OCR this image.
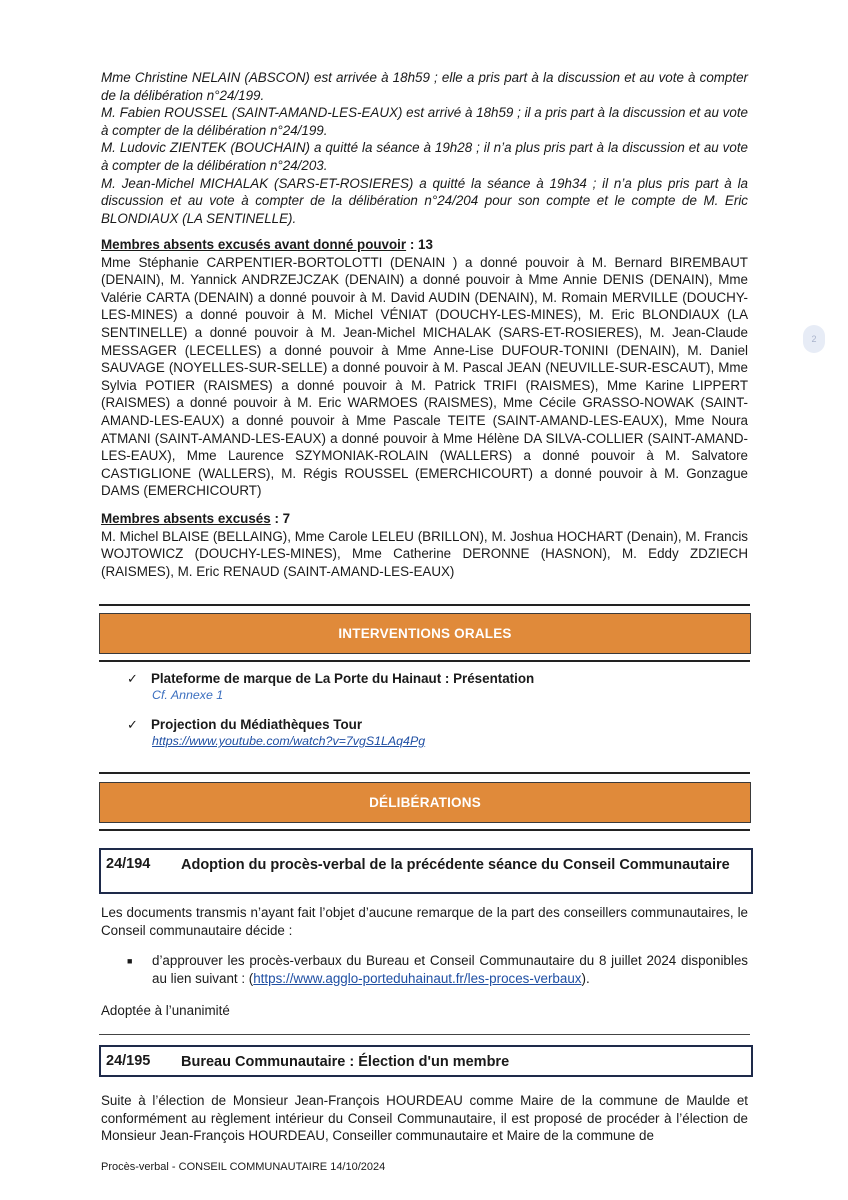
Mme Christine NELAIN (ABSCON) est arrivée à 18h59 ; elle a pris part à la discussion et au vote à compter de la délibération n°24/199.

M. Fabien ROUSSEL (SAINT-AMAND-LES-EAUX) est arrivé à 18h59 ; il a pris part à la discussion et au vote à compter de la délibération n°24/199.

M. Ludovic ZIENTEK (BOUCHAIN) a quitté la séance à 19h28 ; il n’a plus pris part à la discussion et au vote à compter de la délibération n°24/203.

M. Jean-Michel MICHALAK (SARS-ET-ROSIERES) a quitté la séance à 19h34 ; il n’a plus pris part à la discussion et au vote à compter de la délibération n°24/204 pour son compte et le compte de M. Eric BLONDIAUX (LA SENTINELLE).

Membres absents excusés avant donné pouvoir : 13

Mme Stéphanie CARPENTIER-BORTOLOTTI (DENAIN ) a donné pouvoir à M. Bernard BIREMBAUT (DENAIN), M. Yannick ANDRZEJCZAK (DENAIN) a donné pouvoir à Mme Annie DENIS (DENAIN), Mme Valérie CARTA (DENAIN) a donné pouvoir à M. David AUDIN (DENAIN), M. Romain MERVILLE (DOUCHY-LES-MINES) a donné pouvoir à M. Michel VÉNIAT (DOUCHY-LES-MINES), M. Eric BLONDIAUX (LA SENTINELLE) a donné pouvoir à M. Jean-Michel MICHALAK (SARS-ET-ROSIERES), M. Jean-Claude MESSAGER (LECELLES) a donné pouvoir à Mme Anne-Lise DUFOUR-TONINI (DENAIN), M. Daniel SAUVAGE (NOYELLES-SUR-SELLE) a donné pouvoir à M. Pascal JEAN (NEUVILLE-SUR-ESCAUT), Mme Sylvia POTIER (RAISMES) a donné pouvoir à M. Patrick TRIFI (RAISMES), Mme Karine LIPPERT (RAISMES) a donné pouvoir à M. Eric WARMOES (RAISMES), Mme Cécile GRASSO-NOWAK (SAINT-AMAND-LES-EAUX) a donné pouvoir à Mme Pascale TEITE (SAINT-AMAND-LES-EAUX), Mme Noura ATMANI (SAINT-AMAND-LES-EAUX) a donné pouvoir à Mme Hélène DA SILVA-COLLIER (SAINT-AMAND-LES-EAUX), Mme Laurence SZYMONIAK-ROLAIN (WALLERS) a donné pouvoir à M. Salvatore CASTIGLIONE (WALLERS), M. Régis ROUSSEL (EMERCHICOURT) a donné pouvoir à M. Gonzague DAMS (EMERCHICOURT)

2

Membres absents excusés : 7

M. Michel BLAISE (BELLAING), Mme Carole LELEU (BRILLON), M. Joshua HOCHART (Denain), M. Francis WOJTOWICZ (DOUCHY-LES-MINES), Mme Catherine DERONNE (HASNON), M. Eddy ZDZIECH (RAISMES), M. Eric RENAUD (SAINT-AMAND-LES-EAUX)

INTERVENTIONS ORALES
✓ Plateforme de marque de La Porte du Hainaut : Présentation
Cf. Annexe 1
✓ Projection du Médiathèques Tour
https://www.youtube.com/watch?v=7vgS1LAq4Pg
DÉLIBÉRATIONS
24/194 Adoption du procès-verbal de la précédente séance du Conseil Communautaire

Les documents transmis n’ayant fait l’objet d’aucune remarque de la part des conseillers communautaires, le Conseil communautaire décide :

■ d’approuver les procès-verbaux du Bureau et Conseil Communautaire du 8 juillet 2024 disponibles au lien suivant : (https://www.agglo-porteduhainaut.fr/les-proces-verbaux).
Adoptée à l’unanimité
24/195 Bureau Communautaire : Élection d'un membre

Suite à l’élection de Monsieur Jean-François HOURDEAU comme Maire de la commune de Maulde et conformément au règlement intérieur du Conseil Communautaire, il est proposé de procéder à l’élection de Monsieur Jean-François HOURDEAU, Conseiller communautaire et Maire de la commune de

Procès-verbal - CONSEIL COMMUNAUTAIRE 14/10/2024
